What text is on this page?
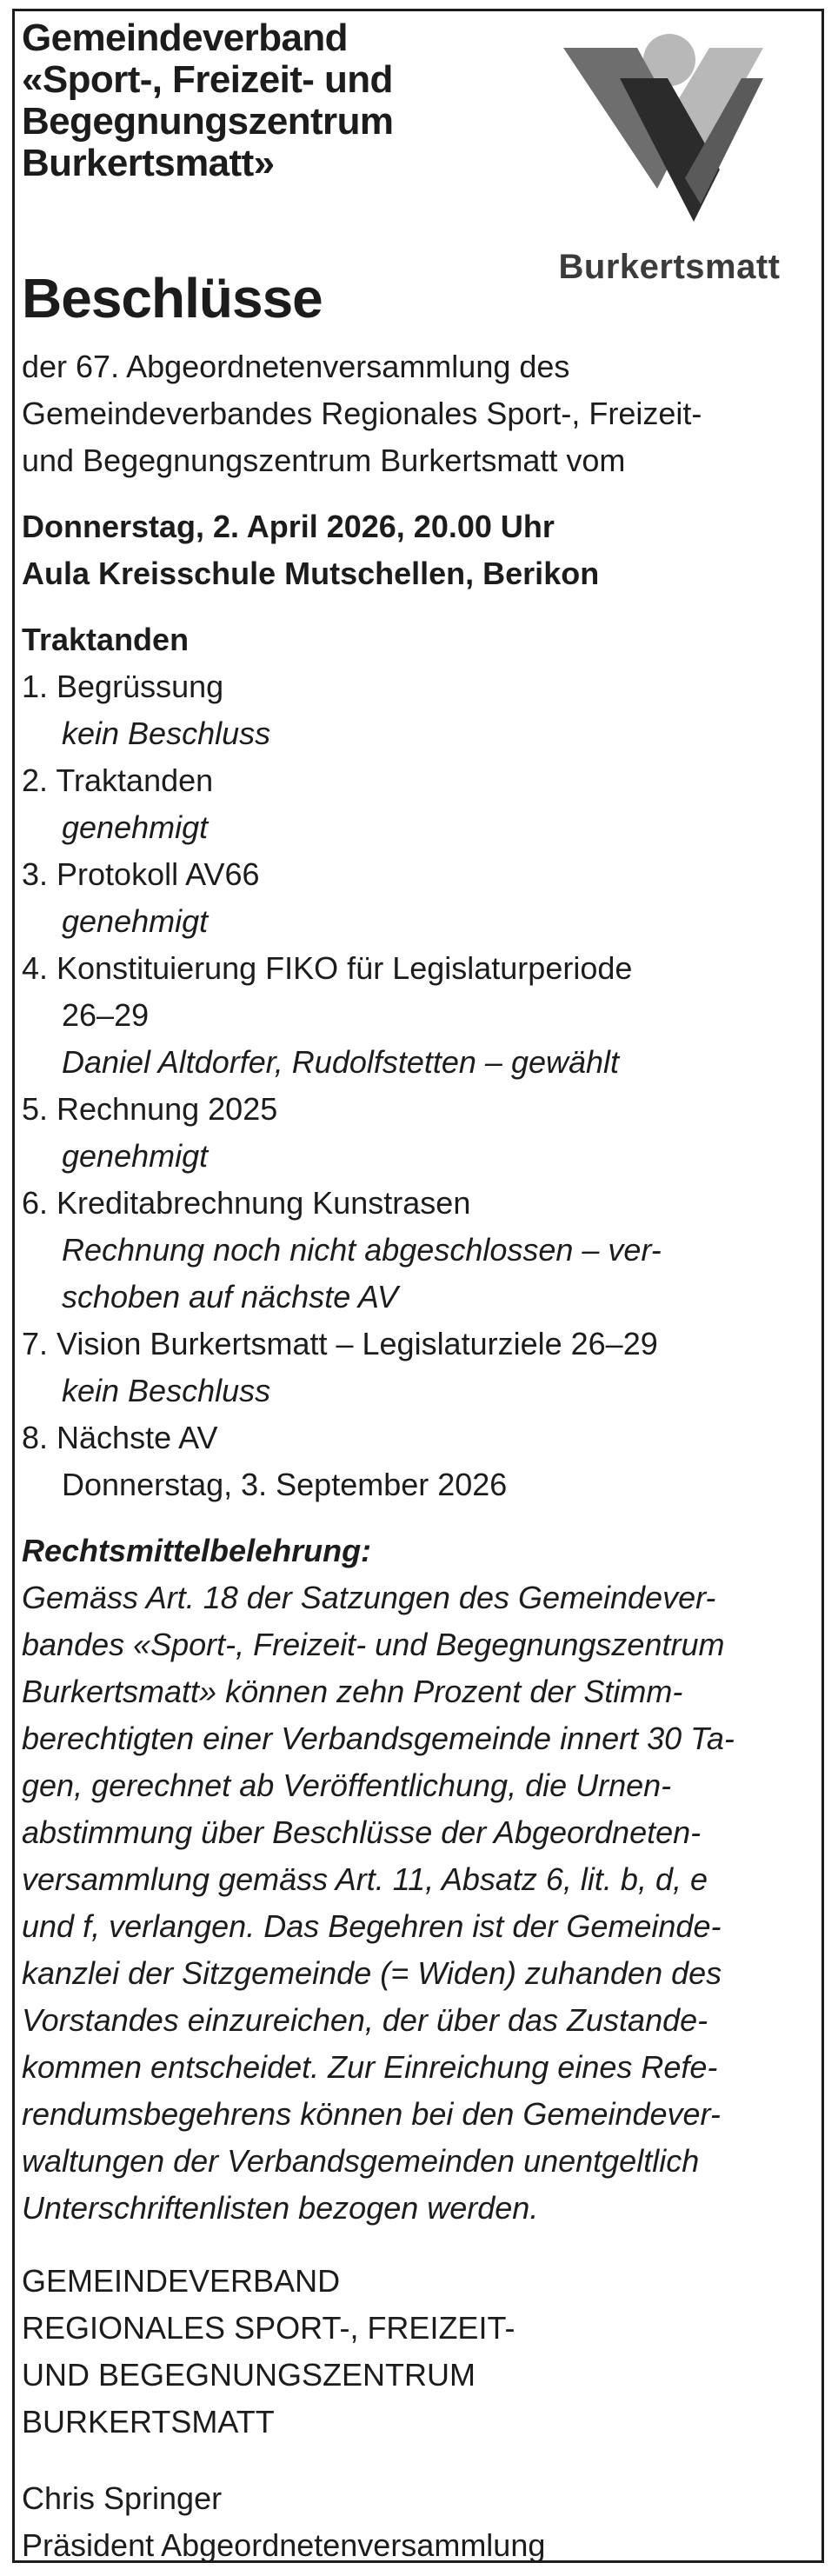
Gemeindeverband
«Sport-, Freizeit- und
Begegnungszentrum
Burkertsmatt»
Burkertsmatt
Beschlüsse

der 67. Abgeordnetenversammlung des
Gemeindeverbandes Regionales Sport-, Freizeit-
und Begegnungszentrum Burkertsmatt vom

Donnerstag, 2. April 2026, 20.00 Uhr
Aula Kreisschule Mutschellen, Berikon

Traktanden

1. Begrüssung
kein Beschluss
2. Traktanden
genehmigt
3. Protokoll AV66
genehmigt
4. Konstituierung FIKO für Legislaturperiode
26–29
Daniel Altdorfer, Rudolfstetten – gewählt
5. Rechnung 2025
genehmigt
6. Kreditabrechnung Kunstrasen
Rechnung noch nicht abgeschlossen – ver-
schoben auf nächste AV
7. Vision Burkertsmatt – Legislaturziele 26–29
kein Beschluss
8. Nächste AV
Donnerstag, 3. September 2026
Rechtsmittelbelehrung:
Gemäss Art. 18 der Satzungen des Gemeindever-
bandes «Sport-, Freizeit- und Begegnungszentrum
Burkertsmatt» können zehn Prozent der Stimm-
berechtigten einer Verbandsgemeinde innert 30 Ta-
gen, gerechnet ab Veröffentlichung, die Urnen-
abstimmung über Beschlüsse der Abgeordneten-
versammlung gemäss Art. 11, Absatz 6, lit. b, d, e
und f, verlangen. Das Begehren ist der Gemeinde-
kanzlei der Sitzgemeinde (= Widen) zuhanden des
Vorstandes einzureichen, der über das Zustande-
kommen entscheidet. Zur Einreichung eines Refe-
rendumsbegehrens können bei den Gemeindever-
waltungen der Verbandsgemeinden unentgeltlich
Unterschriftenlisten bezogen werden.

GEMEINDEVERBAND
REGIONALES SPORT-, FREIZEIT-
UND BEGEGNUNGSZENTRUM
BURKERTSMATT

Chris Springer
Präsident Abgeordnetenversammlung
